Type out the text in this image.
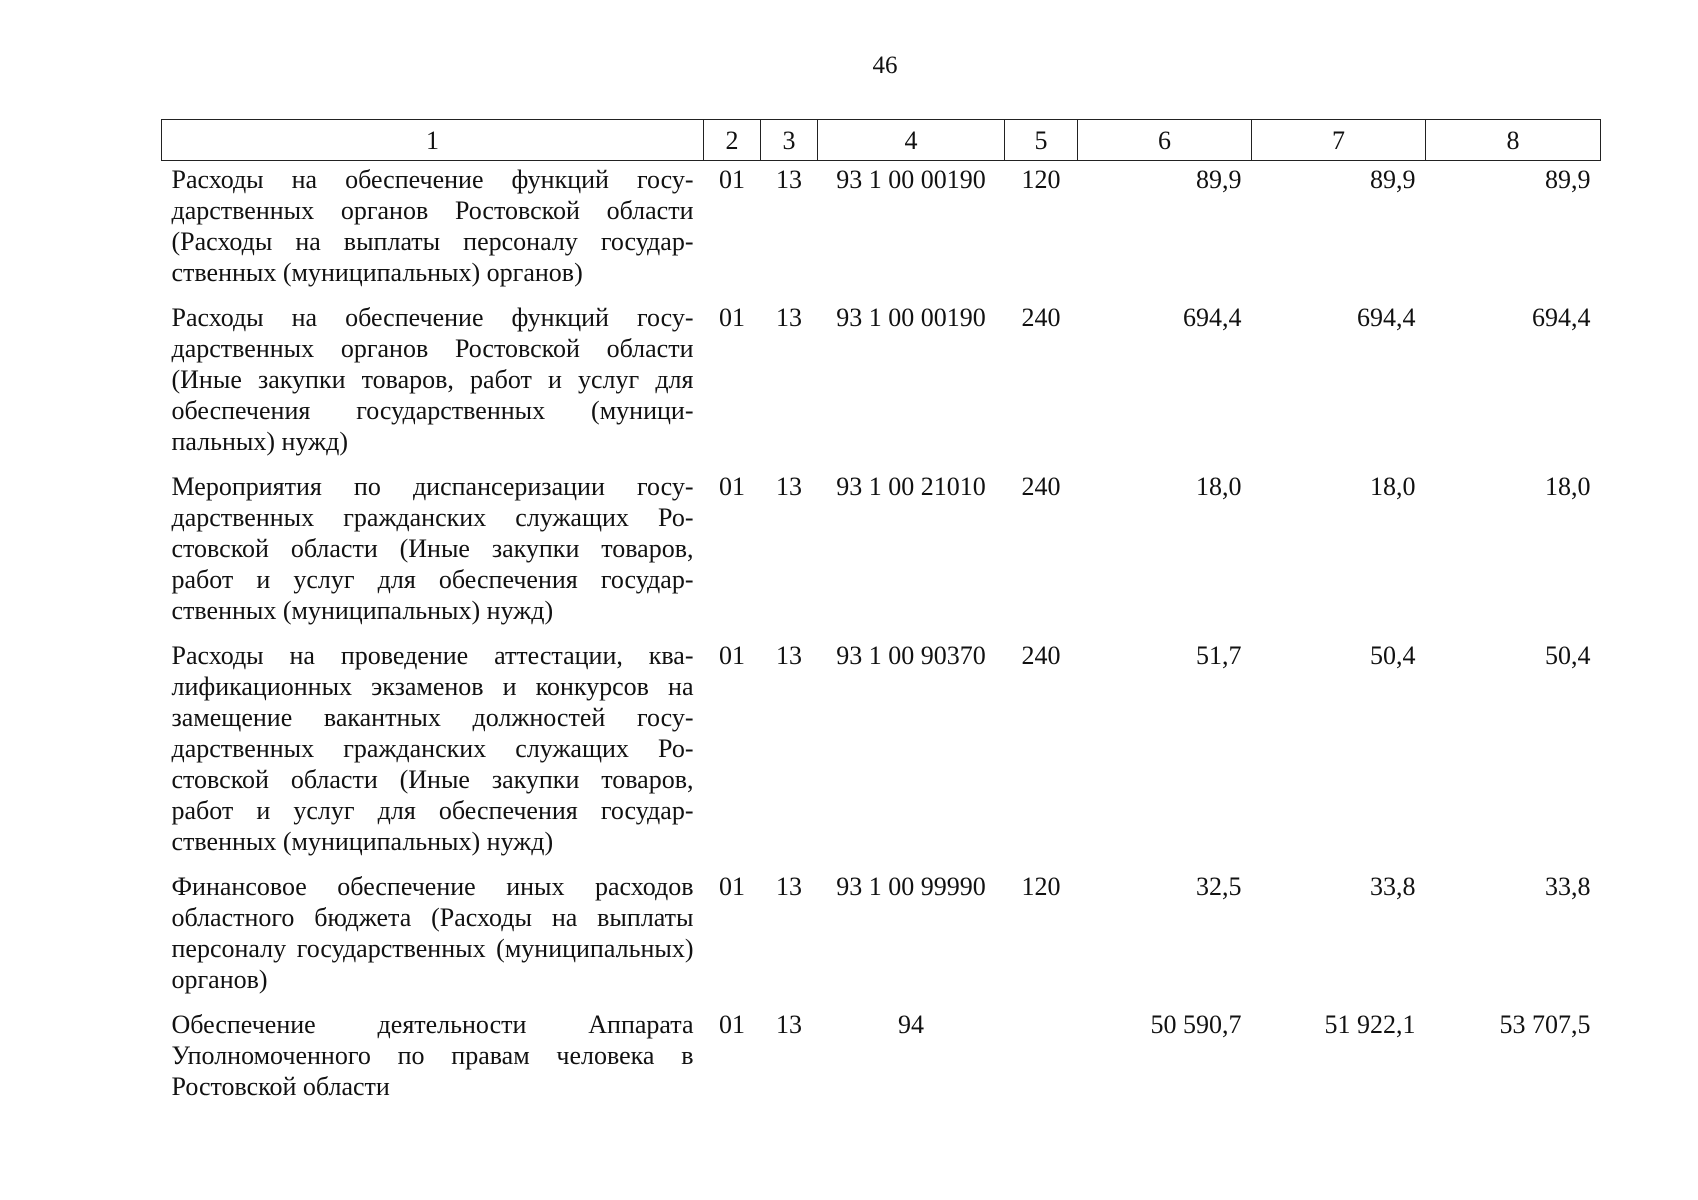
46
1	2	3	4	5	6	7	8
Расходы на обеспечение функций государственных органов Ростовской области (Расходы на выплаты персоналу государственных (муниципальных) органов)	01	13	93 1 00 00190	120	89,9	89,9	89,9
Расходы на обеспечение функций государственных органов Ростовской области (Иные закупки товаров, работ и услуг для обеспечения государственных (муниципальных) нужд)	01	13	93 1 00 00190	240	694,4	694,4	694,4
Мероприятия по диспансеризации государственных гражданских служащих Ростовской области (Иные закупки товаров, работ и услуг для обеспечения государственных (муниципальных) нужд)	01	13	93 1 00 21010	240	18,0	18,0	18,0
Расходы на проведение аттестации, квалификационных экзаменов и конкурсов на замещение вакантных должностей государственных гражданских служащих Ростовской области (Иные закупки товаров, работ и услуг для обеспечения государственных (муниципальных) нужд)	01	13	93 1 00 90370	240	51,7	50,4	50,4
Финансовое обеспечение иных расходов областного бюджета (Расходы на выплаты персоналу государственных (муниципальных) органов)	01	13	93 1 00 99990	120	32,5	33,8	33,8
Обеспечение деятельности Аппарата Уполномоченного по правам человека в Ростовской области	01	13	94		50 590,7	51 922,1	53 707,5
